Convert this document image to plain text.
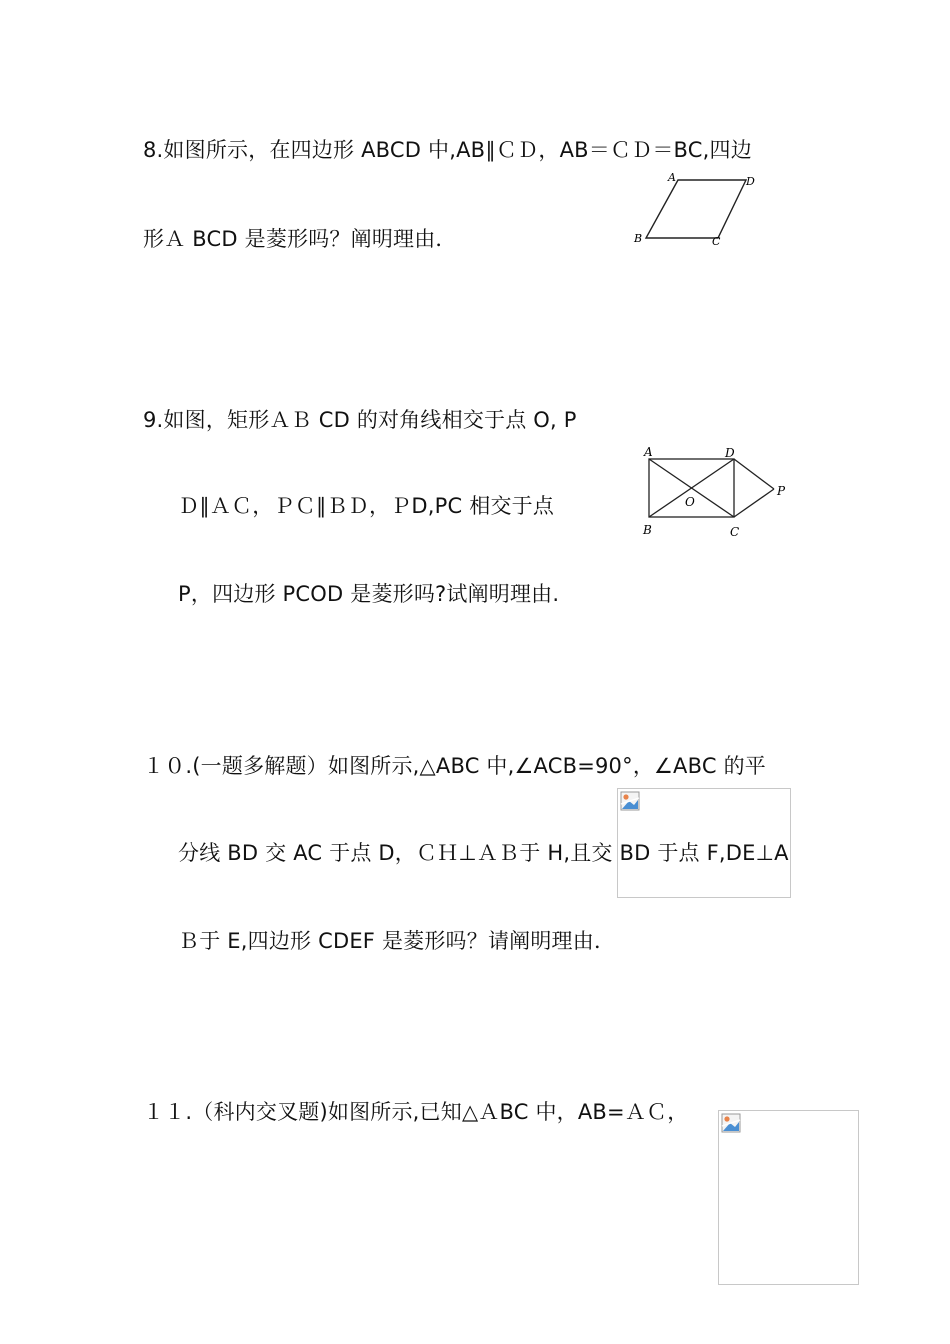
8.如图所示，在四边形 ABCD 中,AB∥ＣＤ，AB＝ＣＤ＝BC,四边
形Ａ BCD 是菱形吗？阐明理由．
A	D
B	C
9.如图，矩形ＡＢ CD 的对角线相交于点 O, P
Ｄ∥ＡＣ，ＰＣ∥ＢＤ，ＰD,PC 相交于点
P，四边形 PCOD 是菱形吗?试阐明理由.
A	D
B	C
O
P
１０.(一题多解题）如图所示,△ABC 中,∠ACB=90°，∠ABC 的平
分线 BD 交 AC 于点 D，ＣＨ⊥ＡＢ于 H,且交 BD 于点 F,DE⊥A
Ｂ于 E,四边形 CDEF 是菱形吗？请阐明理由．
１１.（科内交叉题)如图所示,已知△ＡBC 中，AB=ＡＣ，
